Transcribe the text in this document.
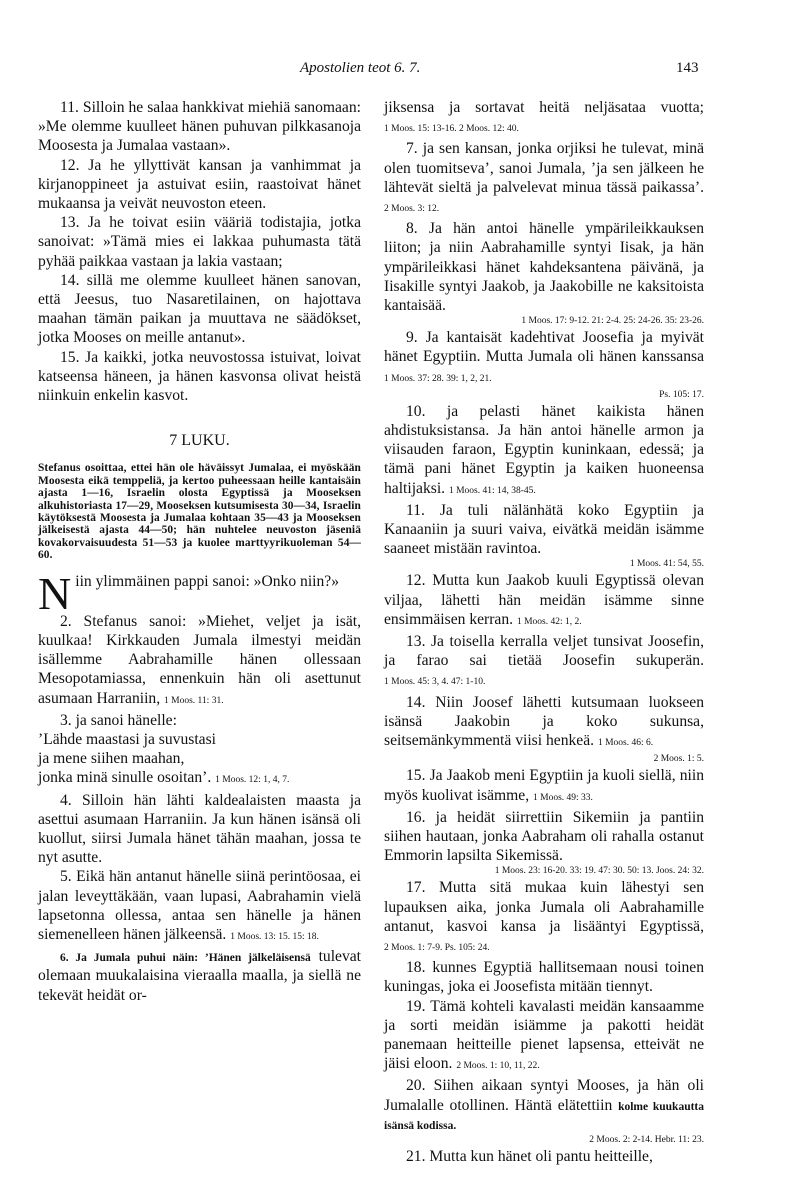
Apostolien teot 6. 7.	143

11. Silloin he salaa hankkivat miehiä sanomaan: »Me olemme kuulleet hänen puhuvan pilkkasanoja Moosesta ja Jumalaa vastaan».

12. Ja he yllyttivät kansan ja vanhimmat ja kirjanoppineet ja astuivat esiin, raastoivat hänet mukaansa ja veivät neuvoston eteen.

13. Ja he toivat esiin vääriä todistajia, jotka sanoivat: »Tämä mies ei lakkaa puhumasta tätä pyhää paikkaa vastaan ja lakia vastaan;

14. sillä me olemme kuulleet hänen sanovan, että Jeesus, tuo Nasaretilainen, on hajottava maahan tämän paikan ja muuttava ne säädökset, jotka Mooses on meille antanut».

15. Ja kaikki, jotka neuvostossa istuivat, loivat katseensa häneen, ja hänen kasvonsa olivat heistä niinkuin enkelin kasvot.

7 LUKU.

Stefanus osoittaa, ettei hän ole häväissyt Jumalaa, ei myöskään Moosesta eikä temppeliä, ja kertoo puheessaan heille kantaisäin ajasta 1—16, Israelin olosta Egyptissä ja Mooseksen alkuhistoriasta 17—29, Mooseksen kutsumisesta 30—34, Israelin käytöksestä Moosesta ja Jumalaa kohtaan 35—43 ja Mooseksen jälkeisestä ajasta 44—50; hän nuhtelee neuvoston jäseniä kovakorvaisuudesta 51—53 ja kuolee marttyyrikuoleman 54—60.

N iin ylimmäinen pappi sanoi: »Onko niin?»

2. Stefanus sanoi: »Miehet, veljet ja isät, kuulkaa! Kirkkauden Jumala ilmestyi meidän isällemme Aabrahamille hänen ollessaan Mesopotamiassa, ennenkuin hän oli asettunut asumaan Harraniin, 1 Moos. 11: 31.

3. ja sanoi hänelle:

’Lähde maastasi ja suvustasi

ja mene siihen maahan,

jonka minä sinulle osoitan’. 1 Moos. 12: 1, 4, 7.

4. Silloin hän lähti kaldealaisten maasta ja asettui asumaan Harraniin. Ja kun hänen isänsä oli kuollut, siirsi Jumala hänet tähän maahan, jossa te nyt asutte.

5. Eikä hän antanut hänelle siinä perintöosaa, ei jalan leveyttäkään, vaan lupasi, Aabrahamin vielä lapsetonna ollessa, antaa sen hänelle ja hänen siemenelleen hänen jälkeensä. 1 Moos. 13: 15. 15: 18.

6. Ja Jumala puhui näin: ’Hänen jälkeläisensä tulevat olemaan muukalaisina vieraalla maalla, ja siellä ne tekevät heidät or-

jiksensa ja sortavat heitä neljäsataa vuotta; 1 Moos. 15: 13-16. 2 Moos. 12: 40.

7. ja sen kansan, jonka orjiksi he tulevat, minä olen tuomitseva’, sanoi Jumala, ’ja sen jälkeen he lähtevät sieltä ja palvelevat minua tässä paikassa’. 2 Moos. 3: 12.

8. Ja hän antoi hänelle ympärileikkauksen liiton; ja niin Aabrahamille syntyi Iisak, ja hän ympärileikkasi hänet kahdeksantena päivänä, ja Iisakille syntyi Jaakob, ja Jaakobille ne kaksitoista kantaisää.

1 Moos. 17: 9-12. 21: 2-4. 25: 24-26. 35: 23-26.

9. Ja kantaisät kadehtivat Joosefia ja myivät hänet Egyptiin. Mutta Jumala oli hänen kanssansa 1 Moos. 37: 28. 39: 1, 2, 21.

Ps. 105: 17.

10. ja pelasti hänet kaikista hänen ahdistuksistansa. Ja hän antoi hänelle armon ja viisauden faraon, Egyptin kuninkaan, edessä; ja tämä pani hänet Egyptin ja kaiken huoneensa haltijaksi. 1 Moos. 41: 14, 38-45.

11. Ja tuli nälänhätä koko Egyptiin ja Kanaaniin ja suuri vaiva, eivätkä meidän isämme saaneet mistään ravintoa.

1 Moos. 41: 54, 55.

12. Mutta kun Jaakob kuuli Egyptissä olevan viljaa, lähetti hän meidän isämme sinne ensimmäisen kerran. 1 Moos. 42: 1, 2.

13. Ja toisella kerralla veljet tunsivat Joosefin, ja farao sai tietää Joosefin sukuperän. 1 Moos. 45: 3, 4. 47: 1-10.

14. Niin Joosef lähetti kutsumaan luokseen isänsä Jaakobin ja koko sukunsa, seitsemänkymmentä viisi henkeä. 1 Moos. 46: 6.

2 Moos. 1: 5.

15. Ja Jaakob meni Egyptiin ja kuoli siellä, niin myös kuolivat isämme, 1 Moos. 49: 33.

16. ja heidät siirrettiin Sikemiin ja pantiin siihen hautaan, jonka Aabraham oli rahalla ostanut Emmorin lapsilta Sikemissä.

1 Moos. 23: 16-20. 33: 19. 47: 30. 50: 13. Joos. 24: 32.

17. Mutta sitä mukaa kuin lähestyi sen lupauksen aika, jonka Jumala oli Aabrahamille antanut, kasvoi kansa ja lisääntyi Egyptissä, 2 Moos. 1: 7-9. Ps. 105: 24.

18. kunnes Egyptiä hallitsemaan nousi toinen kuningas, joka ei Joosefista mitään tiennyt.

19. Tämä kohteli kavalasti meidän kansaamme ja sorti meidän isiämme ja pakotti heidät panemaan heitteille pienet lapsensa, etteivät ne jäisi eloon. 2 Moos. 1: 10, 11, 22.

20. Siihen aikaan syntyi Mooses, ja hän oli Jumalalle otollinen. Häntä elätettiin kolme kuukautta isänsä kodissa.

2 Moos. 2: 2-14. Hebr. 11: 23.

21. Mutta kun hänet oli pantu heitteille,
